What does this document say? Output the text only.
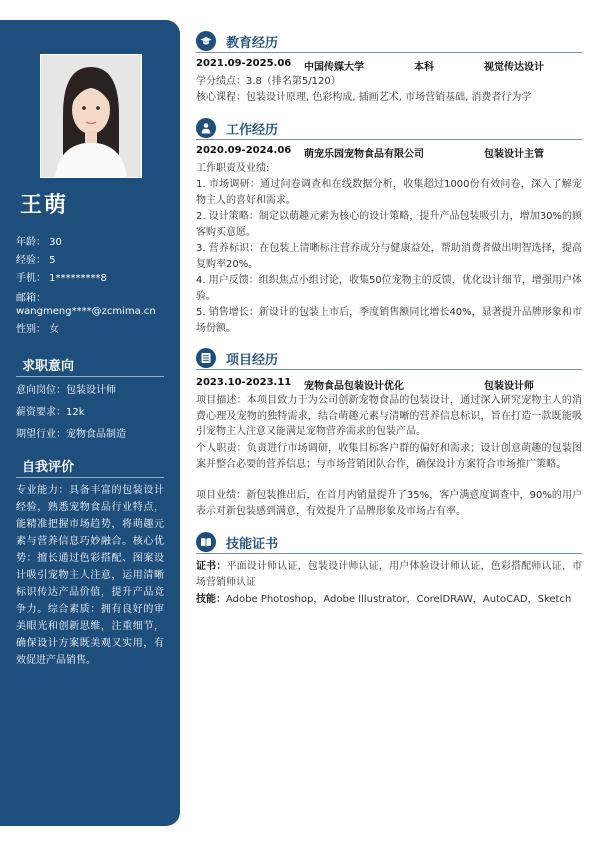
王萌
年龄： 30
经验： 5
手机： 1*********8
邮箱：
wangmeng****@zcmima.cn
性别： 女
求职意向
意向岗位：包装设计师
薪资要求：12k
期望行业：宠物食品制造
自我评价
专业能力：具备丰富的包装设计经验，熟悉宠物食品行业特点，能精准把握市场趋势，将萌趣元素与营养信息巧妙融合。核心优势：擅长通过色彩搭配、图案设计吸引宠物主人注意，运用清晰标识传达产品价值，提升产品竞争力。综合素质：拥有良好的审美眼光和创新思维，注重细节，确保设计方案既美观又实用，有效促进产品销售。
教育经历
2021.09-2025.06 中国传媒大学	本科	视觉传达设计
学分绩点：3.8（排名第5/120）
核心课程：包装设计原理, 色彩构成, 插画艺术, 市场营销基础, 消费者行为学
工作经历
2020.09-2024.06 萌宠乐园宠物食品有限公司	包装设计主管
工作职责及业绩:
1. 市场调研：通过问卷调查和在线数据分析，收集超过1000份有效问卷，深入了解宠物主人的喜好和需求。
2. 设计策略：制定以萌趣元素为核心的设计策略，提升产品包装吸引力，增加30%的顾客购买意愿。
3. 营养标识：在包装上清晰标注营养成分与健康益处，帮助消费者做出明智选择，提高复购率20%。
4. 用户反馈：组织焦点小组讨论，收集50位宠物主的反馈，优化设计细节，增强用户体验。
5. 销售增长：新设计的包装上市后，季度销售额同比增长40%，显著提升品牌形象和市场份额。
项目经历
2023.10-2023.11 宠物食品包装设计优化	包装设计师
项目描述：本项目致力于为公司创新宠物食品的包装设计，通过深入研究宠物主人的消费心理及宠物的独特需求，结合萌趣元素与清晰的营养信息标识，旨在打造一款既能吸引宠物主人注意又能满足宠物营养需求的包装产品。
个人职责：负责进行市场调研，收集目标客户群的偏好和需求；设计创意萌趣的包装图案并整合必要的营养信息；与市场营销团队合作，确保设计方案符合市场推广策略。
项目业绩：新包装推出后，在首月内销量提升了35%，客户满意度调查中，90%的用户表示对新包装感到满意，有效提升了品牌形象及市场占有率。
技能证书
证书：平面设计师认证，包装设计师认证，用户体验设计师认证，色彩搭配师认证，市场营销师认证
技能：Adobe Photoshop，Adobe Illustrator，CorelDRAW，AutoCAD，Sketch
